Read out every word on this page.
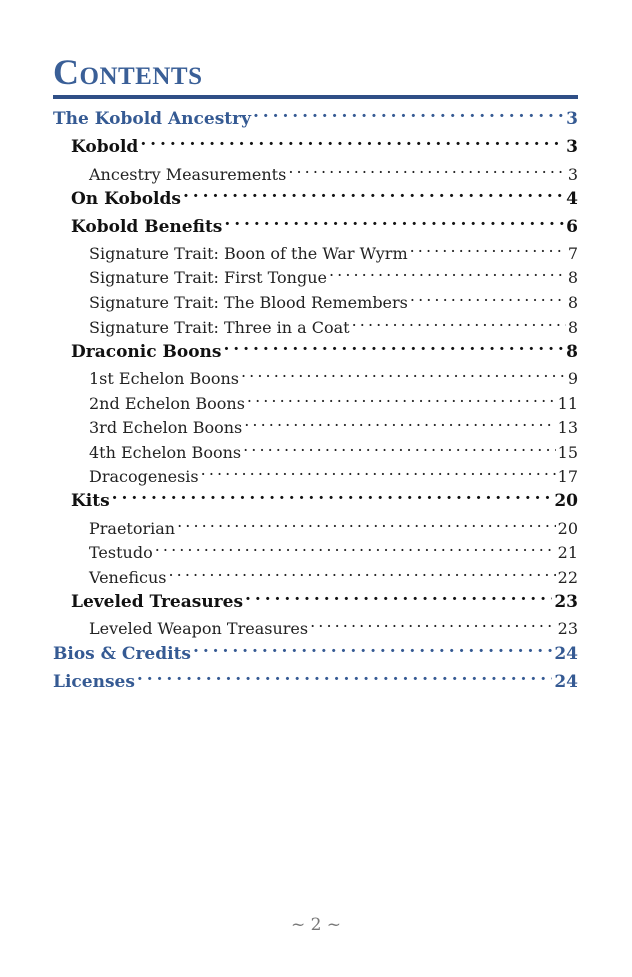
Contents
The Kobold Ancestry . . .	3
Kobold . . .	3
Ancestry Measurements . . .	3
On Kobolds . . .	4
Kobold Benefits . . .	6
Signature Trait: Boon of the War Wyrm . . .	7
Signature Trait: First Tongue . . .	8
Signature Trait: The Blood Remembers . . .	8
Signature Trait: Three in a Coat . . .	8
Draconic Boons . . .	8
1st Echelon Boons . . .	9
2nd Echelon Boons . . .	11
3rd Echelon Boons . . .	13
4th Echelon Boons . . .	15
Dracogenesis . . .	17
Kits . . .	20
Praetorian . . .	20
Testudo . . .	21
Veneficus . . .	22
Leveled Treasures . . .	23
Leveled Weapon Treasures . . .	23
Bios & Credits . . .	24
Licenses . . .	24
~ 2 ~
